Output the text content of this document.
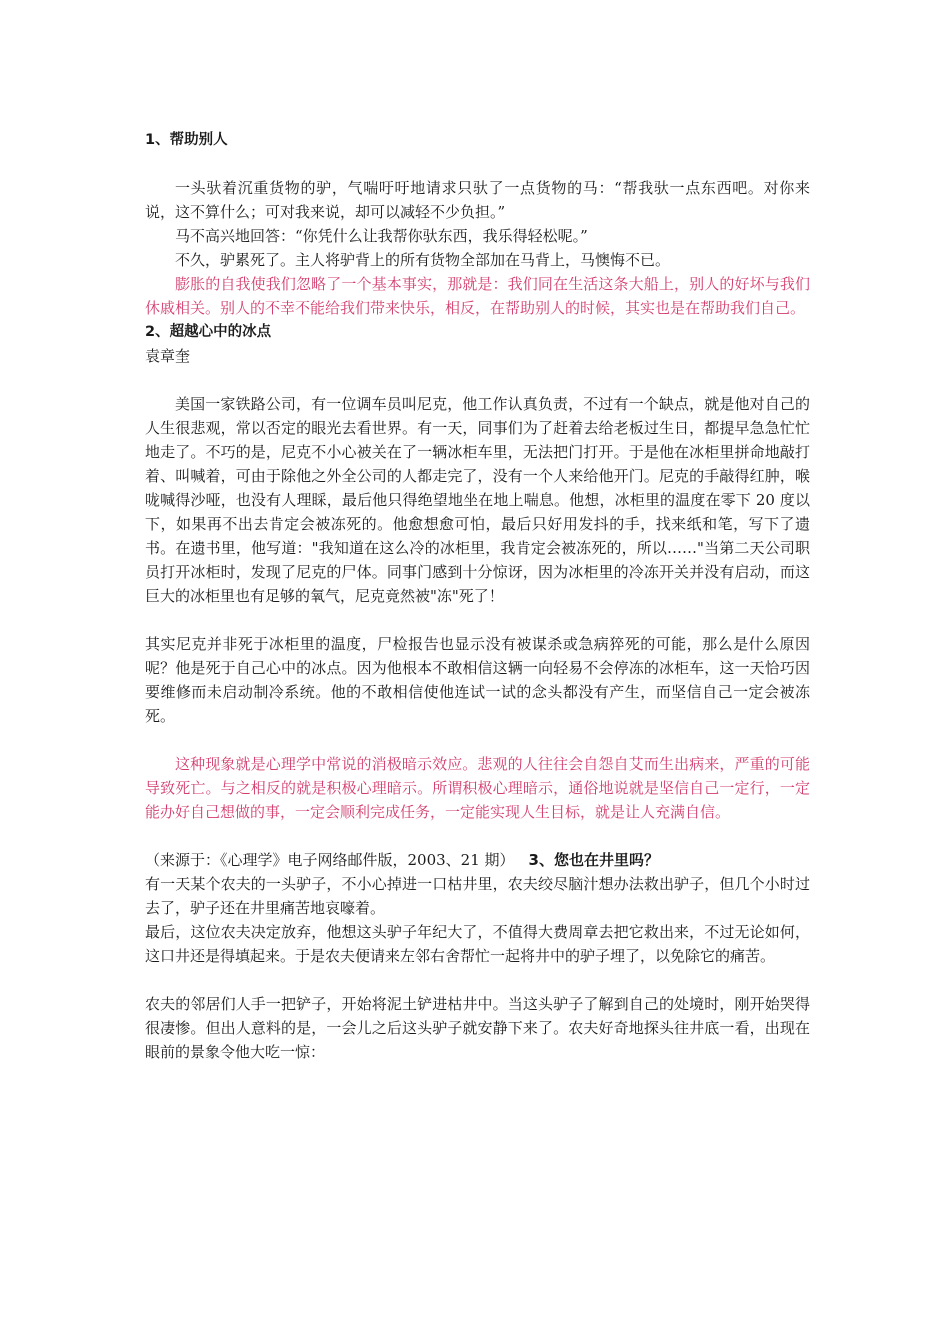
1、帮助别人

一头驮着沉重货物的驴，气喘吁吁地请求只驮了一点货物的马：“帮我驮一点东西吧。对你来说，这不算什么；可对我来说，却可以减轻不少负担。”

马不高兴地回答：“你凭什么让我帮你驮东西，我乐得轻松呢。”

不久，驴累死了。主人将驴背上的所有货物全部加在马背上，马懊悔不已。

膨胀的自我使我们忽略了一个基本事实，那就是：我们同在生活这条大船上，别人的好坏与我们休戚相关。别人的不幸不能给我们带来快乐，相反，在帮助别人的时候，其实也是在帮助我们自己。

2、超越心中的冰点

袁章奎

美国一家铁路公司，有一位调车员叫尼克，他工作认真负责，不过有一个缺点，就是他对自己的人生很悲观，常以否定的眼光去看世界。有一天，同事们为了赶着去给老板过生日，都提早急急忙忙地走了。不巧的是，尼克不小心被关在了一辆冰柜车里，无法把门打开。于是他在冰柜里拼命地敲打着、叫喊着，可由于除他之外全公司的人都走完了，没有一个人来给他开门。尼克的手敲得红肿，喉咙喊得沙哑，也没有人理睬，最后他只得绝望地坐在地上喘息。他想，冰柜里的温度在零下 20 度以下，如果再不出去肯定会被冻死的。他愈想愈可怕，最后只好用发抖的手，找来纸和笔，写下了遗书。在遗书里，他写道："我知道在这么冷的冰柜里，我肯定会被冻死的，所以……"当第二天公司职员打开冰柜时，发现了尼克的尸体。同事门感到十分惊讶，因为冰柜里的冷冻开关并没有启动，而这巨大的冰柜里也有足够的氧气，尼克竟然被"冻"死了！

其实尼克并非死于冰柜里的温度，尸检报告也显示没有被谋杀或急病猝死的可能，那么是什么原因呢？他是死于自己心中的冰点。因为他根本不敢相信这辆一向轻易不会停冻的冰柜车，这一天恰巧因要维修而未启动制冷系统。他的不敢相信使他连试一试的念头都没有产生，而坚信自己一定会被冻死。

这种现象就是心理学中常说的消极暗示效应。悲观的人往往会自怨自艾而生出病来，严重的可能导致死亡。与之相反的就是积极心理暗示。所谓积极心理暗示，通俗地说就是坚信自己一定行，一定能办好自己想做的事，一定会顺利完成任务，一定能实现人生目标，就是让人充满自信。

（来源于：《心理学》电子网络邮件版，2003、21 期） 3、您也在井里吗？

有一天某个农夫的一头驴子，不小心掉进一口枯井里，农夫绞尽脑汁想办法救出驴子，但几个小时过去了，驴子还在井里痛苦地哀嚎着。

最后，这位农夫决定放弃，他想这头驴子年纪大了，不值得大费周章去把它救出来，不过无论如何，这口井还是得填起来。于是农夫便请来左邻右舍帮忙一起将井中的驴子埋了，以免除它的痛苦。

农夫的邻居们人手一把铲子，开始将泥土铲进枯井中。当这头驴子了解到自己的处境时，刚开始哭得很凄惨。但出人意料的是，一会儿之后这头驴子就安静下来了。农夫好奇地探头往井底一看，出现在眼前的景象令他大吃一惊：
